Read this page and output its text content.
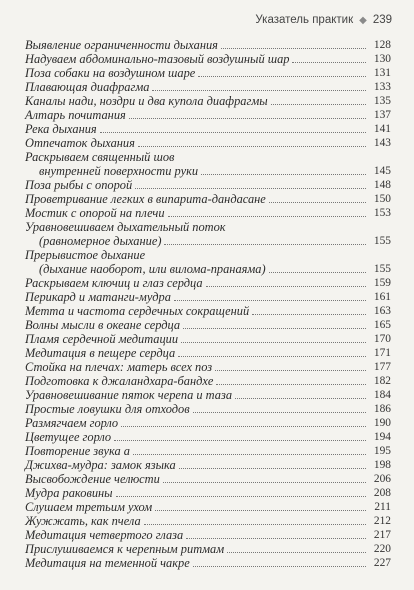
Указатель практик ◆ 239
Выявление ограниченности дыхания	128
Надуваем абдоминально-тазовый воздушный шар	130
Поза собаки на воздушном шаре	131
Плавающая диафрагма	133
Каналы нади, ноздри и два купола диафрагмы	135
Алтарь почитания	137
Река дыхания	141
Отпечаток дыхания	143
Раскрываем священный шов
внутренней поверхности руки	145
Поза рыбы с опорой	148
Проветривание легких в випарита-дандасане	150
Мостик с опорой на плечи	153
Уравновешиваем дыхательный поток
(равномерное дыхание)	155
Прерывистое дыхание
(дыхание наоборот, или вилома-пранаяма)	155
Раскрываем ключиц и глаз сердца	159
Перикард и матанги-мудра	161
Метта и частота сердечных сокращений	163
Волны мысли в океане сердца	165
Пламя сердечной медитации	170
Медитация в пещере сердца	171
Стойка на плечах: матерь всех поз	177
Подготовка к джаландхара-бандхе	182
Уравновешивание пяток черепа и таза	184
Простые ловушки для отходов	186
Размягчаем горло	190
Цветущее горло	194
Повторение звука а	195
Джихва-мудра: замок языка	198
Высвобождение челюсти	206
Мудра раковины	208
Слушаем третьим ухом	211
Жужжать, как пчела	212
Медитация четвертого глаза	217
Прислушиваемся к черепным ритмам	220
Медитация на теменной чакре	227
